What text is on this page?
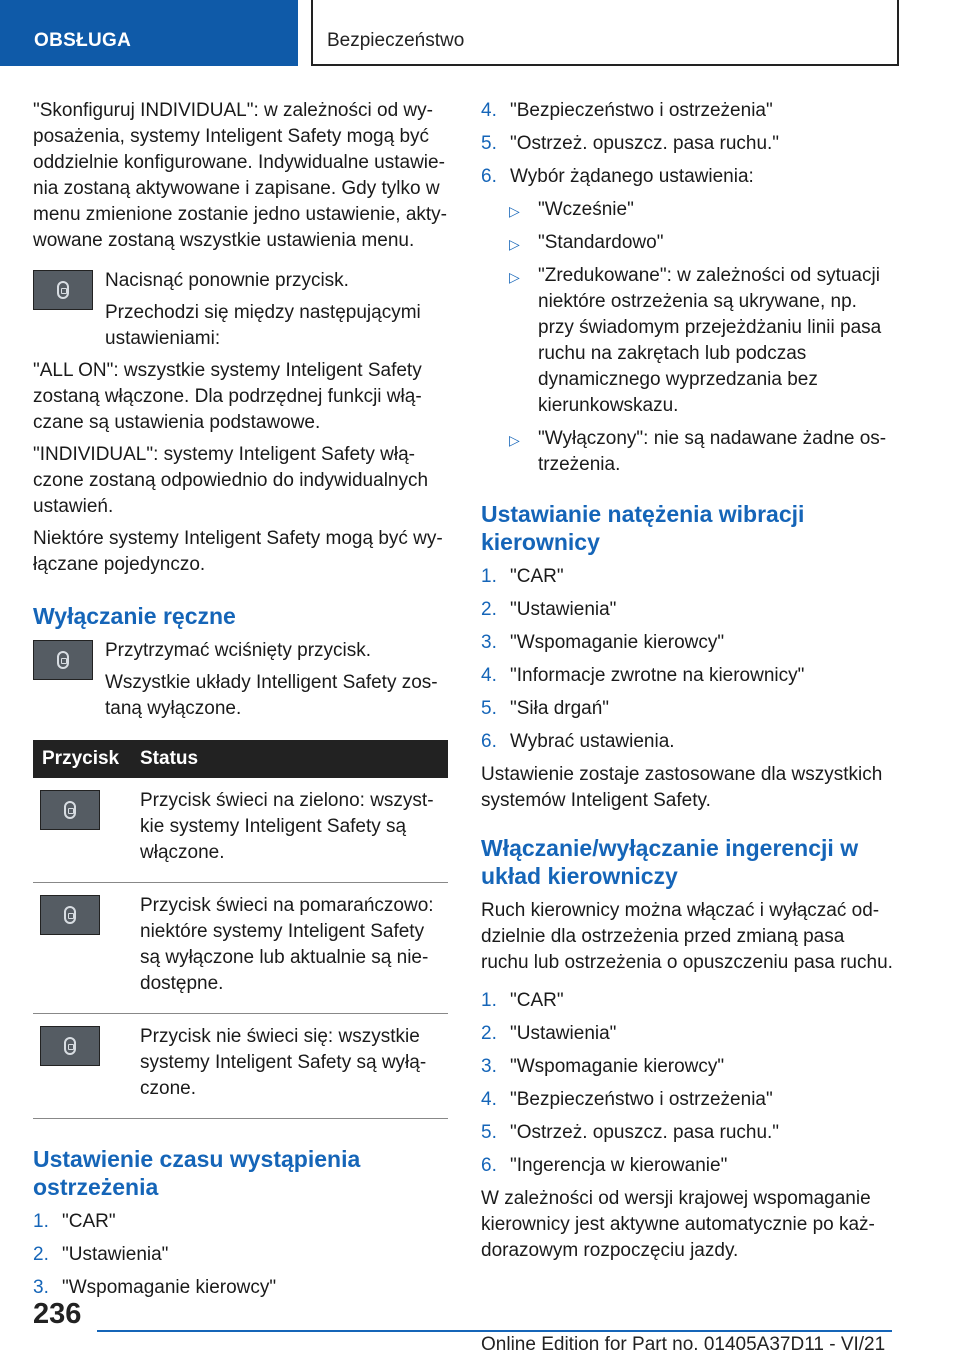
OBSŁUGA	Bezpieczeństwo

"Skonfiguruj INDIVIDUAL": w zależności od wy-posażenia, systemy Inteligent Safety mogą być oddzielnie konfigurowane. Indywidualne ustawie-nia zostaną aktywowane i zapisane. Gdy tylko w menu zmienione zostanie jedno ustawienie, akty-wowane zostaną wszystkie ustawienia menu.

Nacisnąć ponownie przycisk.

Przechodzi się między następującymi ustawieniami:

"ALL ON": wszystkie systemy Inteligent Safety zostaną włączone. Dla podrzędnej funkcji włą-czane są ustawienia podstawowe.

"INDIVIDUAL": systemy Inteligent Safety włą-czone zostaną odpowiednio do indywidualnych ustawień.

Niektóre systemy Inteligent Safety mogą być wy-łączane pojedynczo.

Wyłączanie ręczne

Przytrzymać wciśnięty przycisk.

Wszystkie układy Intelligent Safety zos-taną wyłączone.

Przycisk	Status

	Przycisk świeci na zielono: wszyst-kie systemy Inteligent Safety są włączone.

	Przycisk świeci na pomarańczowo: niektóre systemy Inteligent Safety są wyłączone lub aktualnie są nie-dostępne.

	Przycisk nie świeci się: wszystkie systemy Inteligent Safety są wyłą-czone.
Ustawienie czasu wystąpienia ostrzeżenia
1. "CAR"
2. "Ustawienia"
3. "Wspomaganie kierowcy"
4. "Bezpieczeństwo i ostrzeżenia"
5. "Ostrzeż. opuszcz. pasa ruchu."
6. Wybór żądanego ustawienia:
▷ "Wcześnie"
▷ "Standardowo"
▷ "Zredukowane": w zależności od sytuacji niektóre ostrzeżenia są ukrywane, np. przy świadomym przejeżdżaniu linii pasa ruchu na zakrętach lub podczas dynamicznego wyprzedzania bez kierunkowskazu.
▷ "Wyłączony": nie są nadawane żadne os-trzeżenia.
Ustawianie natężenia wibracji kierownicy
1. "CAR"
2. "Ustawienia"
3. "Wspomaganie kierowcy"
4. "Informacje zwrotne na kierownicy"
5. "Siła drgań"
6. Wybrać ustawienia.

Ustawienie zostaje zastosowane dla wszystkich systemów Inteligent Safety.

Włączanie/wyłączanie ingerencji w układ kierowniczy

Ruch kierownicy można włączać i wyłączać od-dzielnie dla ostrzeżenia przed zmianą pasa ruchu lub ostrzeżenia o opuszczeniu pasa ruchu.

1. "CAR"
2. "Ustawienia"
3. "Wspomaganie kierowcy"
4. "Bezpieczeństwo i ostrzeżenia"
5. "Ostrzeż. opuszcz. pasa ruchu."
6. "Ingerencja w kierowanie"

W zależności od wersji krajowej wspomaganie kierownicy jest aktywne automatycznie po każ-dorazowym rozpoczęciu jazdy.

236
Online Edition for Part no. 01405A37D11 - VI/21
